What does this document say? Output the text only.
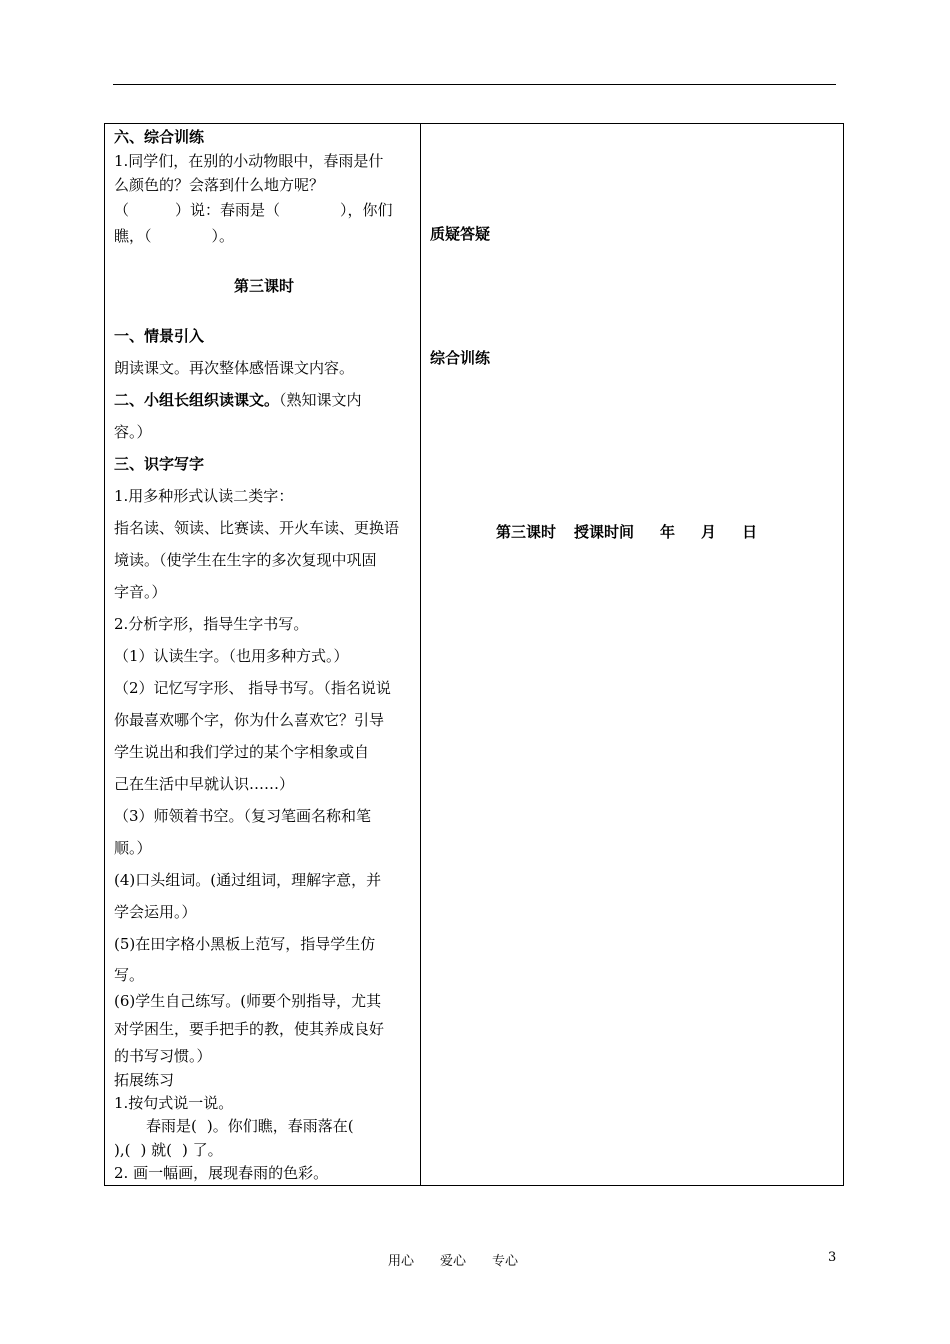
六、综合训练
1.同学们，在别的小动物眼中，春雨是什
么颜色的？会落到什么地方呢？
（	）说：春雨是（	），你们
瞧，（	）。
第三课时
一、情景引入
朗读课文。再次整体感悟课文内容。
二、小组长组织读课文。（熟知课文内
容。）
三、识字写字
1.用多种形式认读二类字：
指名读、领读、比赛读、开火车读、更换语
境读。（使学生在生字的多次复现中巩固
字音。）
2.分析字形，指导生字书写。
（1）认读生字。（也用多种方式。）
（2）记忆写字形、 指导书写。（指名说说
你最喜欢哪个字，你为什么喜欢它？引导
学生说出和我们学过的某个字相象或自
己在生活中早就认识……）
（3）师领着书空。（复习笔画名称和笔
顺。）
(4)口头组词。(通过组词，理解字意，并
学会运用。）
(5)在田字格小黑板上范写，指导学生仿
写。
(6)学生自己练写。(师要个别指导，尤其
对学困生，要手把手的教，使其养成良好
的书写习惯。）
拓展练习
1.按句式说一说。
春雨是( )。你们瞧，春雨落在(
),( ) 就( ) 了。
2. 画一幅画，展现春雨的色彩。
质疑答疑
综合训练
第三课时 授课时间 年 月 日
用心 爱心 专心	3
